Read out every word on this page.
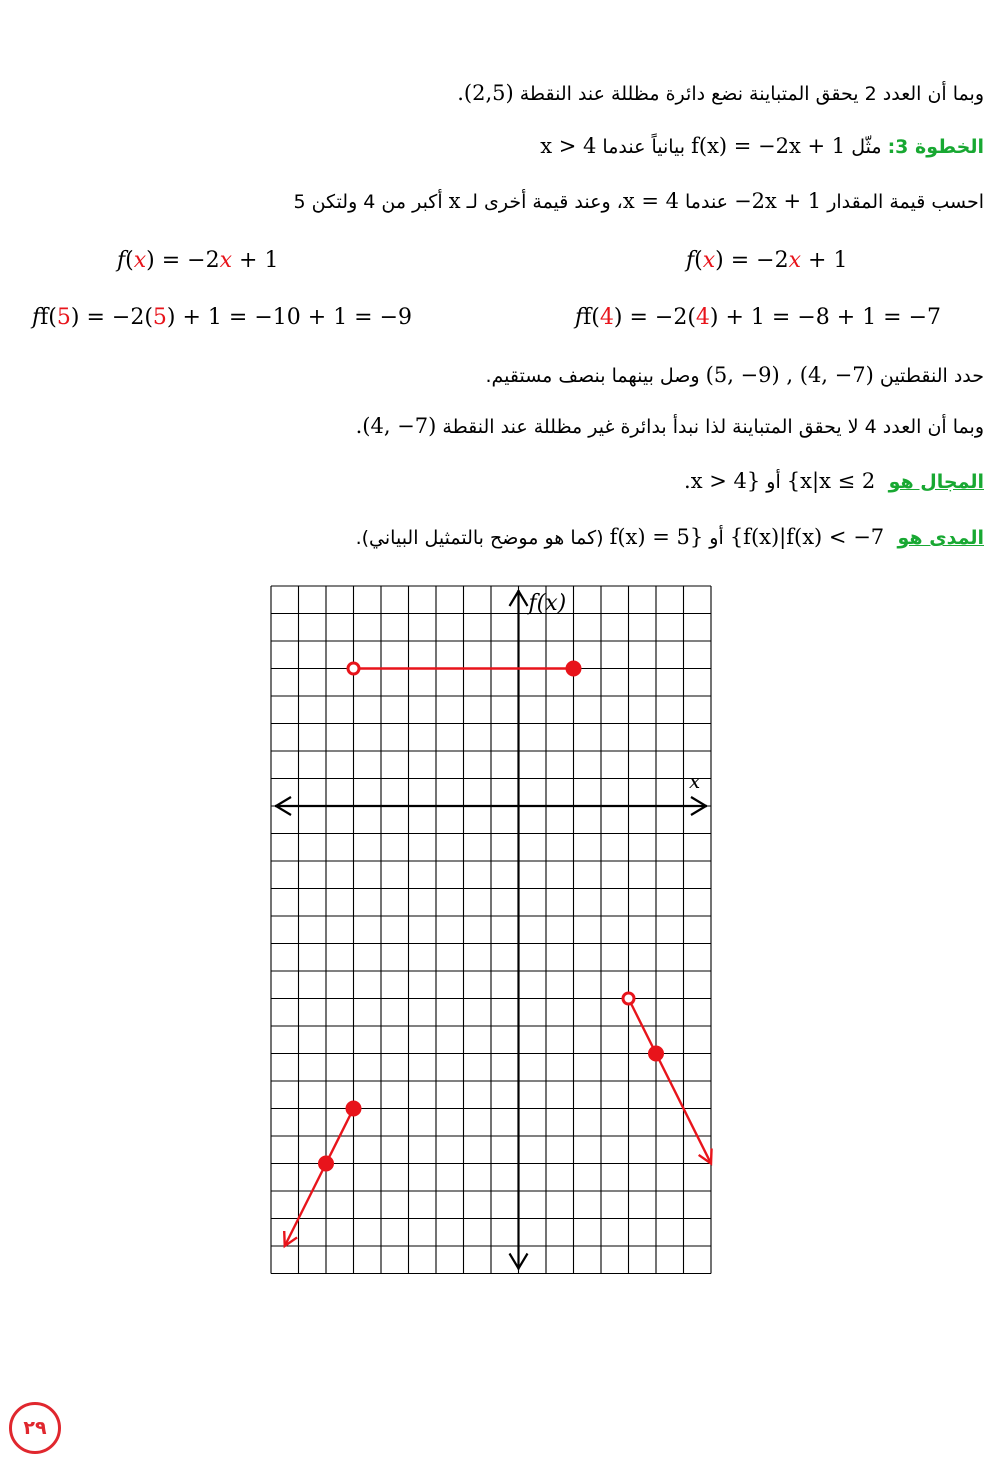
وبما أن العدد 2 يحقق المتباينة نضع دائرة مظللة عند النقطة (2,5).
الخطوة 3: مثّل f(x) = −2x + 1 بيانياً عندما x > 4
احسب قيمة المقدار −2x + 1 عندما x = 4، وعند قيمة أخرى لـ x أكبر من 4 ولتكن 5
f(x) = −2x + 1
f(x) = −2x + 1
ff(4) = −2(4) + 1 = −8 + 1 = −7
ff(5) = −2(5) + 1 = −10 + 1 = −9
حدد النقطتين (4, −7) , (5, −9) وصل بينهما بنصف مستقيم.
وبما أن العدد 4 لا يحقق المتباينة لذا نبدأ بدائرة غير مظللة عند النقطة (4, −7).
المجال هو  {x|x ≤ 2 أو x > 4}.
المدى هو  {f(x)|f(x) < −7 أو f(x) = 5} (كما هو موضح بالتمثيل البياني).
f(x)
x
٢٩
